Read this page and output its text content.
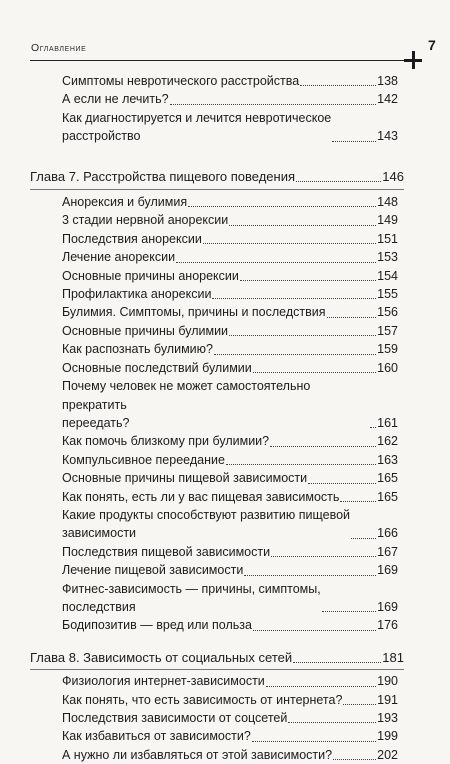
Оглавление	7
Симптомы невротического расстройства	138
А если не лечить?	142
Как диагностируется и лечится невротическое
расстройство	143
Глава 7. Расстройства пищевого поведения	146
Анорексия и булимия	148
3 стадии нервной анорексии	149
Последствия анорексии	151
Лечение анорексии	153
Основные причины анорексии	154
Профилактика анорексии	155
Булимия. Симптомы, причины и последствия	156
Основные причины булимии	157
Как распознать булимию?	159
Основные последствий булимии	160
Почему человек не может самостоятельно прекратить
переедать?	161
Как помочь близкому при булимии?	162
Компульсивное переедание	163
Основные причины пищевой зависимости	165
Как понять, есть ли у вас пищевая зависимость	165
Какие продукты способствуют развитию пищевой
зависимости	166
Последствия пищевой зависимости	167
Лечение пищевой зависимости	169
Фитнес-зависимость — причины, симптомы,
последствия	169
Бодипозитив — вред или польза	176
Глава 8. Зависимость от социальных сетей	181
Физиология интернет-зависимости	190
Как понять, что есть зависимость от интернета?	191
Последствия зависимости от соцсетей	193
Как избавиться от зависимости?	199
А нужно ли избавляться от этой зависимости?	202
